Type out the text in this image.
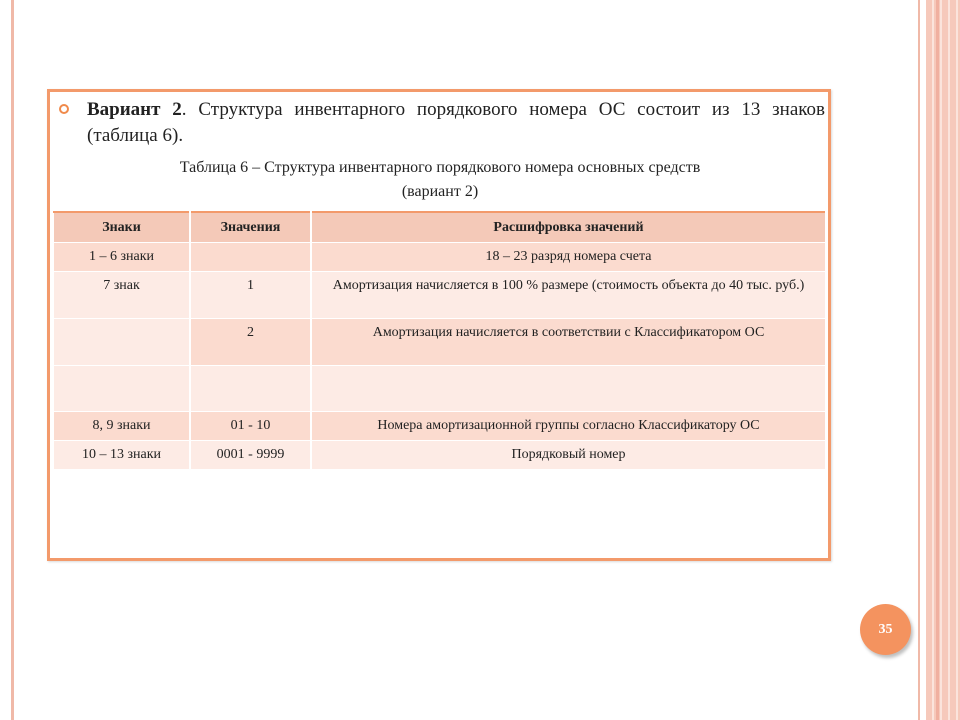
Вариант 2. Структура инвентарного порядкового номера ОС состоит из 13 знаков (таблица 6).
Таблица 6 – Структура инвентарного порядкового номера основных средств
(вариант 2)
Знаки	Значения	Расшифровка значений
1 – 6 знаки		18 – 23 разряд номера счета
7 знак	1	Амортизация начисляется в 100 % размере (стоимость объекта до 40 тыс. руб.)
	2	Амортизация начисляется в соответствии с Классификатором ОС

8, 9 знаки	01 - 10	Номера амортизационной группы согласно Классификатору ОС
10 – 13 знаки	0001 - 9999	Порядковый номер
35
